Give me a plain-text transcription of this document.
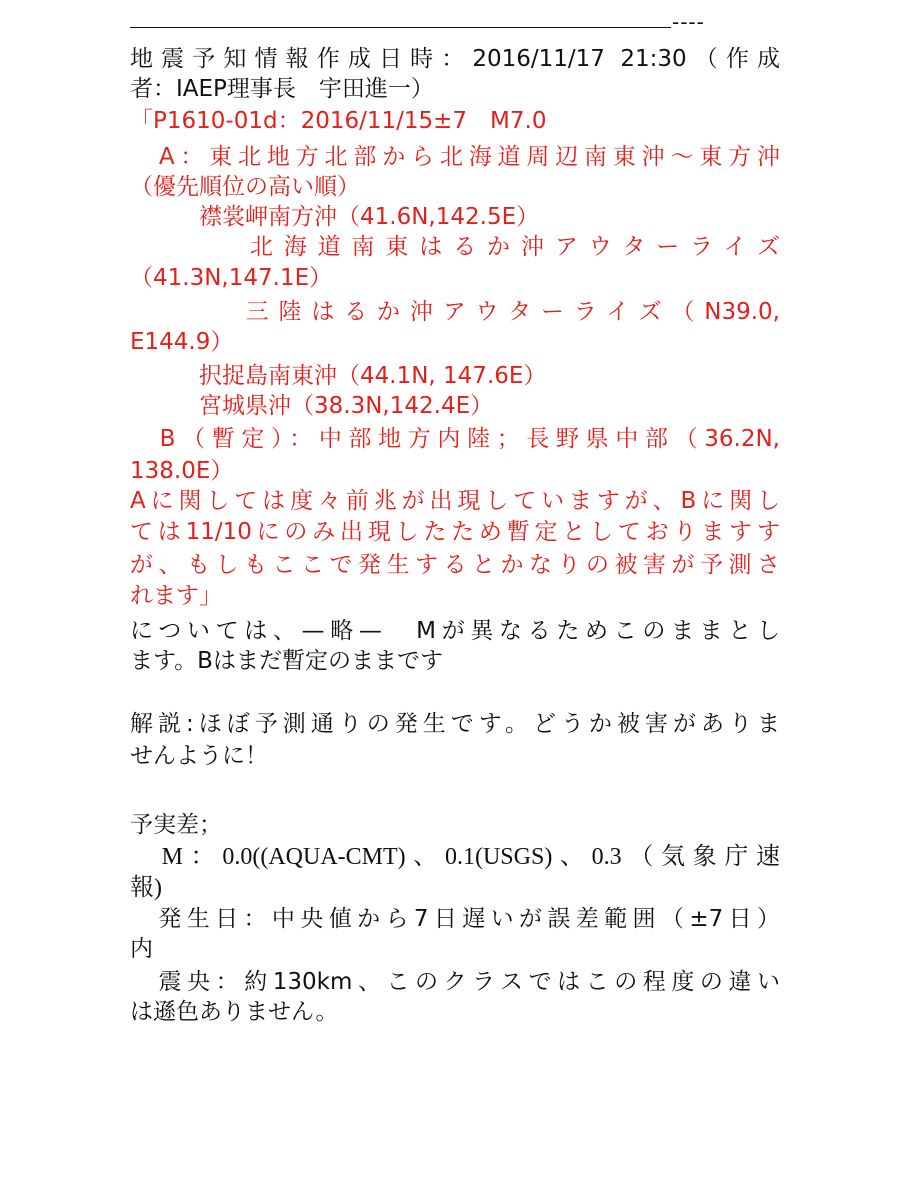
----
地震予知情報作成日時：2016/11/17 21:30（作成
者：IAEP理事長　宇田進一）
「P1610-01d：2016/11/15±7　M7.0
　A：東北地方北部から北海道周辺南東沖〜東方沖
（優先順位の高い順）
　　　襟裳岬南方沖（41.6N,142.5E）
　　　 北海道南東はるか沖アウターライズ
（41.3N,147.1E）
　　　 三陸はるか沖アウターライズ（N39.0,
E144.9）
　　　択捉島南東沖（44.1N, 147.6E）
　　　宮城県沖（38.3N,142.4E）
　B（暫定）：中部地方内陸；長野県中部（36.2N,
138.0E）
Aに関しては度々前兆が出現していますが、Bに関し
ては11/10にのみ出現したため暫定としておりますす
が、もしもここで発生するとかなりの被害が予測さ
れます」
については、—略—　Mが異なるためこのままとし
ます。Bはまだ暫定のままです
解説:ほぼ予測通りの発生です。どうか被害がありま
せんように！
予実差；
　M：0.0((AQUA-CMT)、0.1(USGS)、0.3（気象庁速
報)
　発生日：中央値から7日遅いが誤差範囲（±7日）
内
　震央：約130km、このクラスではこの程度の違い
は遜色ありません。
